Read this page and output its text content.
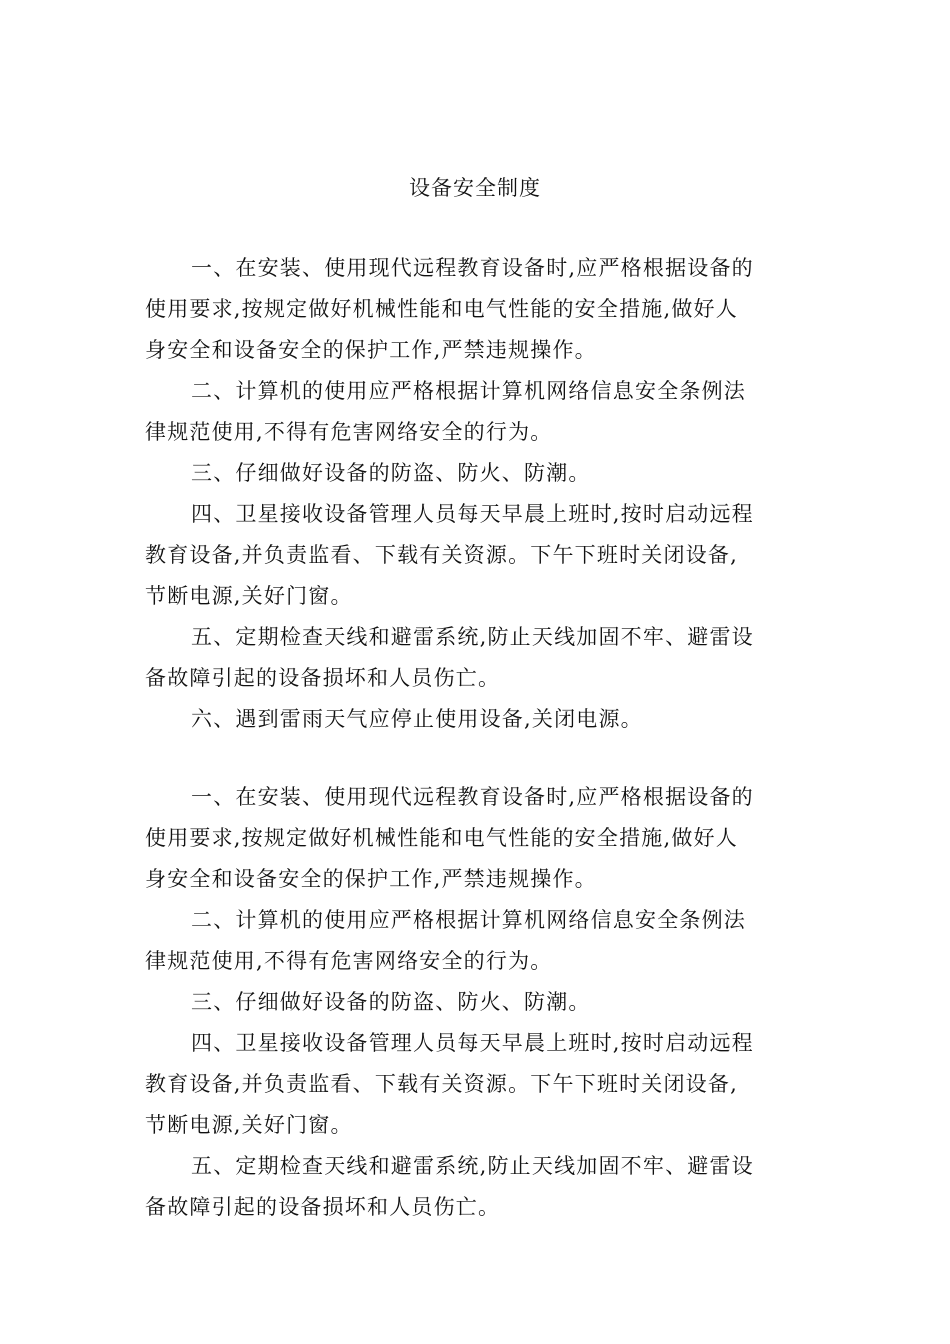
设备安全制度
一、在安装、使用现代远程教育设备时,应严格根据设备的
使用要求,按规定做好机械性能和电气性能的安全措施,做好人
身安全和设备安全的保护工作,严禁违规操作。
二、计算机的使用应严格根据计算机网络信息安全条例法
律规范使用,不得有危害网络安全的行为。
三、仔细做好设备的防盗、防火、防潮。
四、卫星接收设备管理人员每天早晨上班时,按时启动远程
教育设备,并负责监看、下载有关资源。下午下班时关闭设备,
节断电源,关好门窗。
五、定期检查天线和避雷系统,防止天线加固不牢、避雷设
备故障引起的设备损坏和人员伤亡。
六、遇到雷雨天气应停止使用设备,关闭电源。
一、在安装、使用现代远程教育设备时,应严格根据设备的
使用要求,按规定做好机械性能和电气性能的安全措施,做好人
身安全和设备安全的保护工作,严禁违规操作。
二、计算机的使用应严格根据计算机网络信息安全条例法
律规范使用,不得有危害网络安全的行为。
三、仔细做好设备的防盗、防火、防潮。
四、卫星接收设备管理人员每天早晨上班时,按时启动远程
教育设备,并负责监看、下载有关资源。下午下班时关闭设备,
节断电源,关好门窗。
五、定期检查天线和避雷系统,防止天线加固不牢、避雷设
备故障引起的设备损坏和人员伤亡。
